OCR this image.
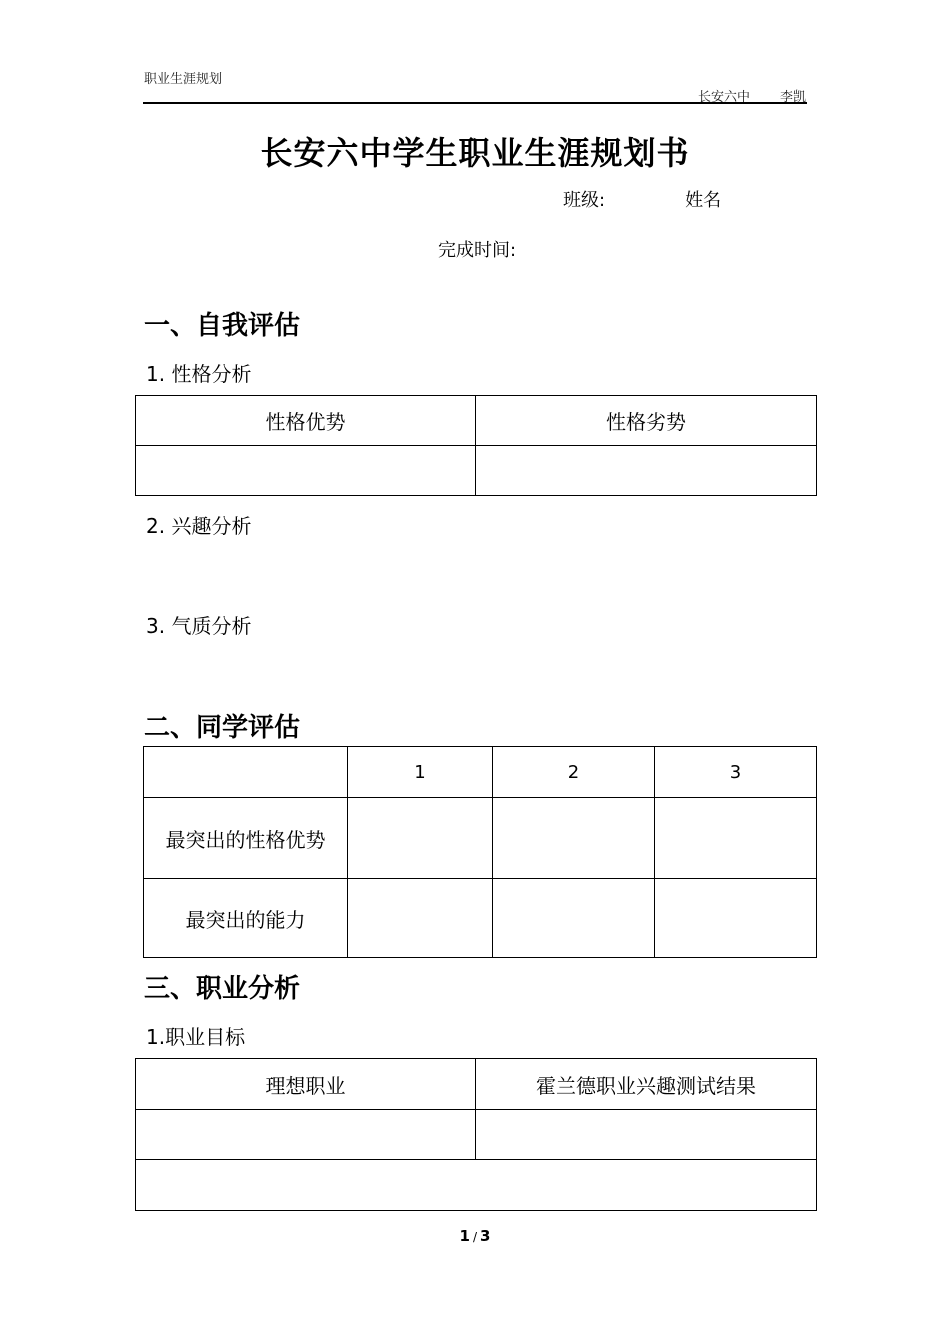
职业生涯规划
长安六中 李凯
长安六中学生职业生涯规划书
班级:	姓名
完成时间:
一、自我评估
1. 性格分析
性格优势	性格劣势

2. 兴趣分析
3. 气质分析
二、同学评估
	1	2	3
最突出的性格优势			
最突出的能力			
三、职业分析
1.职业目标
理想职业	霍兰德职业兴趣测试结果

1 / 3
